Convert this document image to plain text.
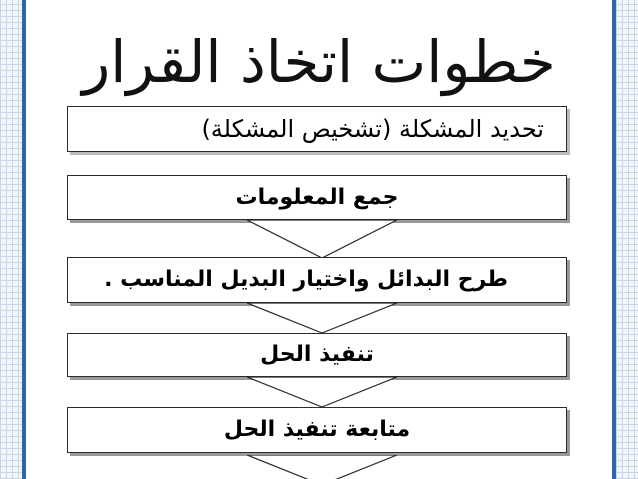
خطوات اتخاذ القرار
تحديد المشكلة (تشخيص المشكلة)
جمع المعلومات
طرح البدائل واختيار البديل المناسب .
تنفيذ الحل
متابعة تنفيذ الحل
